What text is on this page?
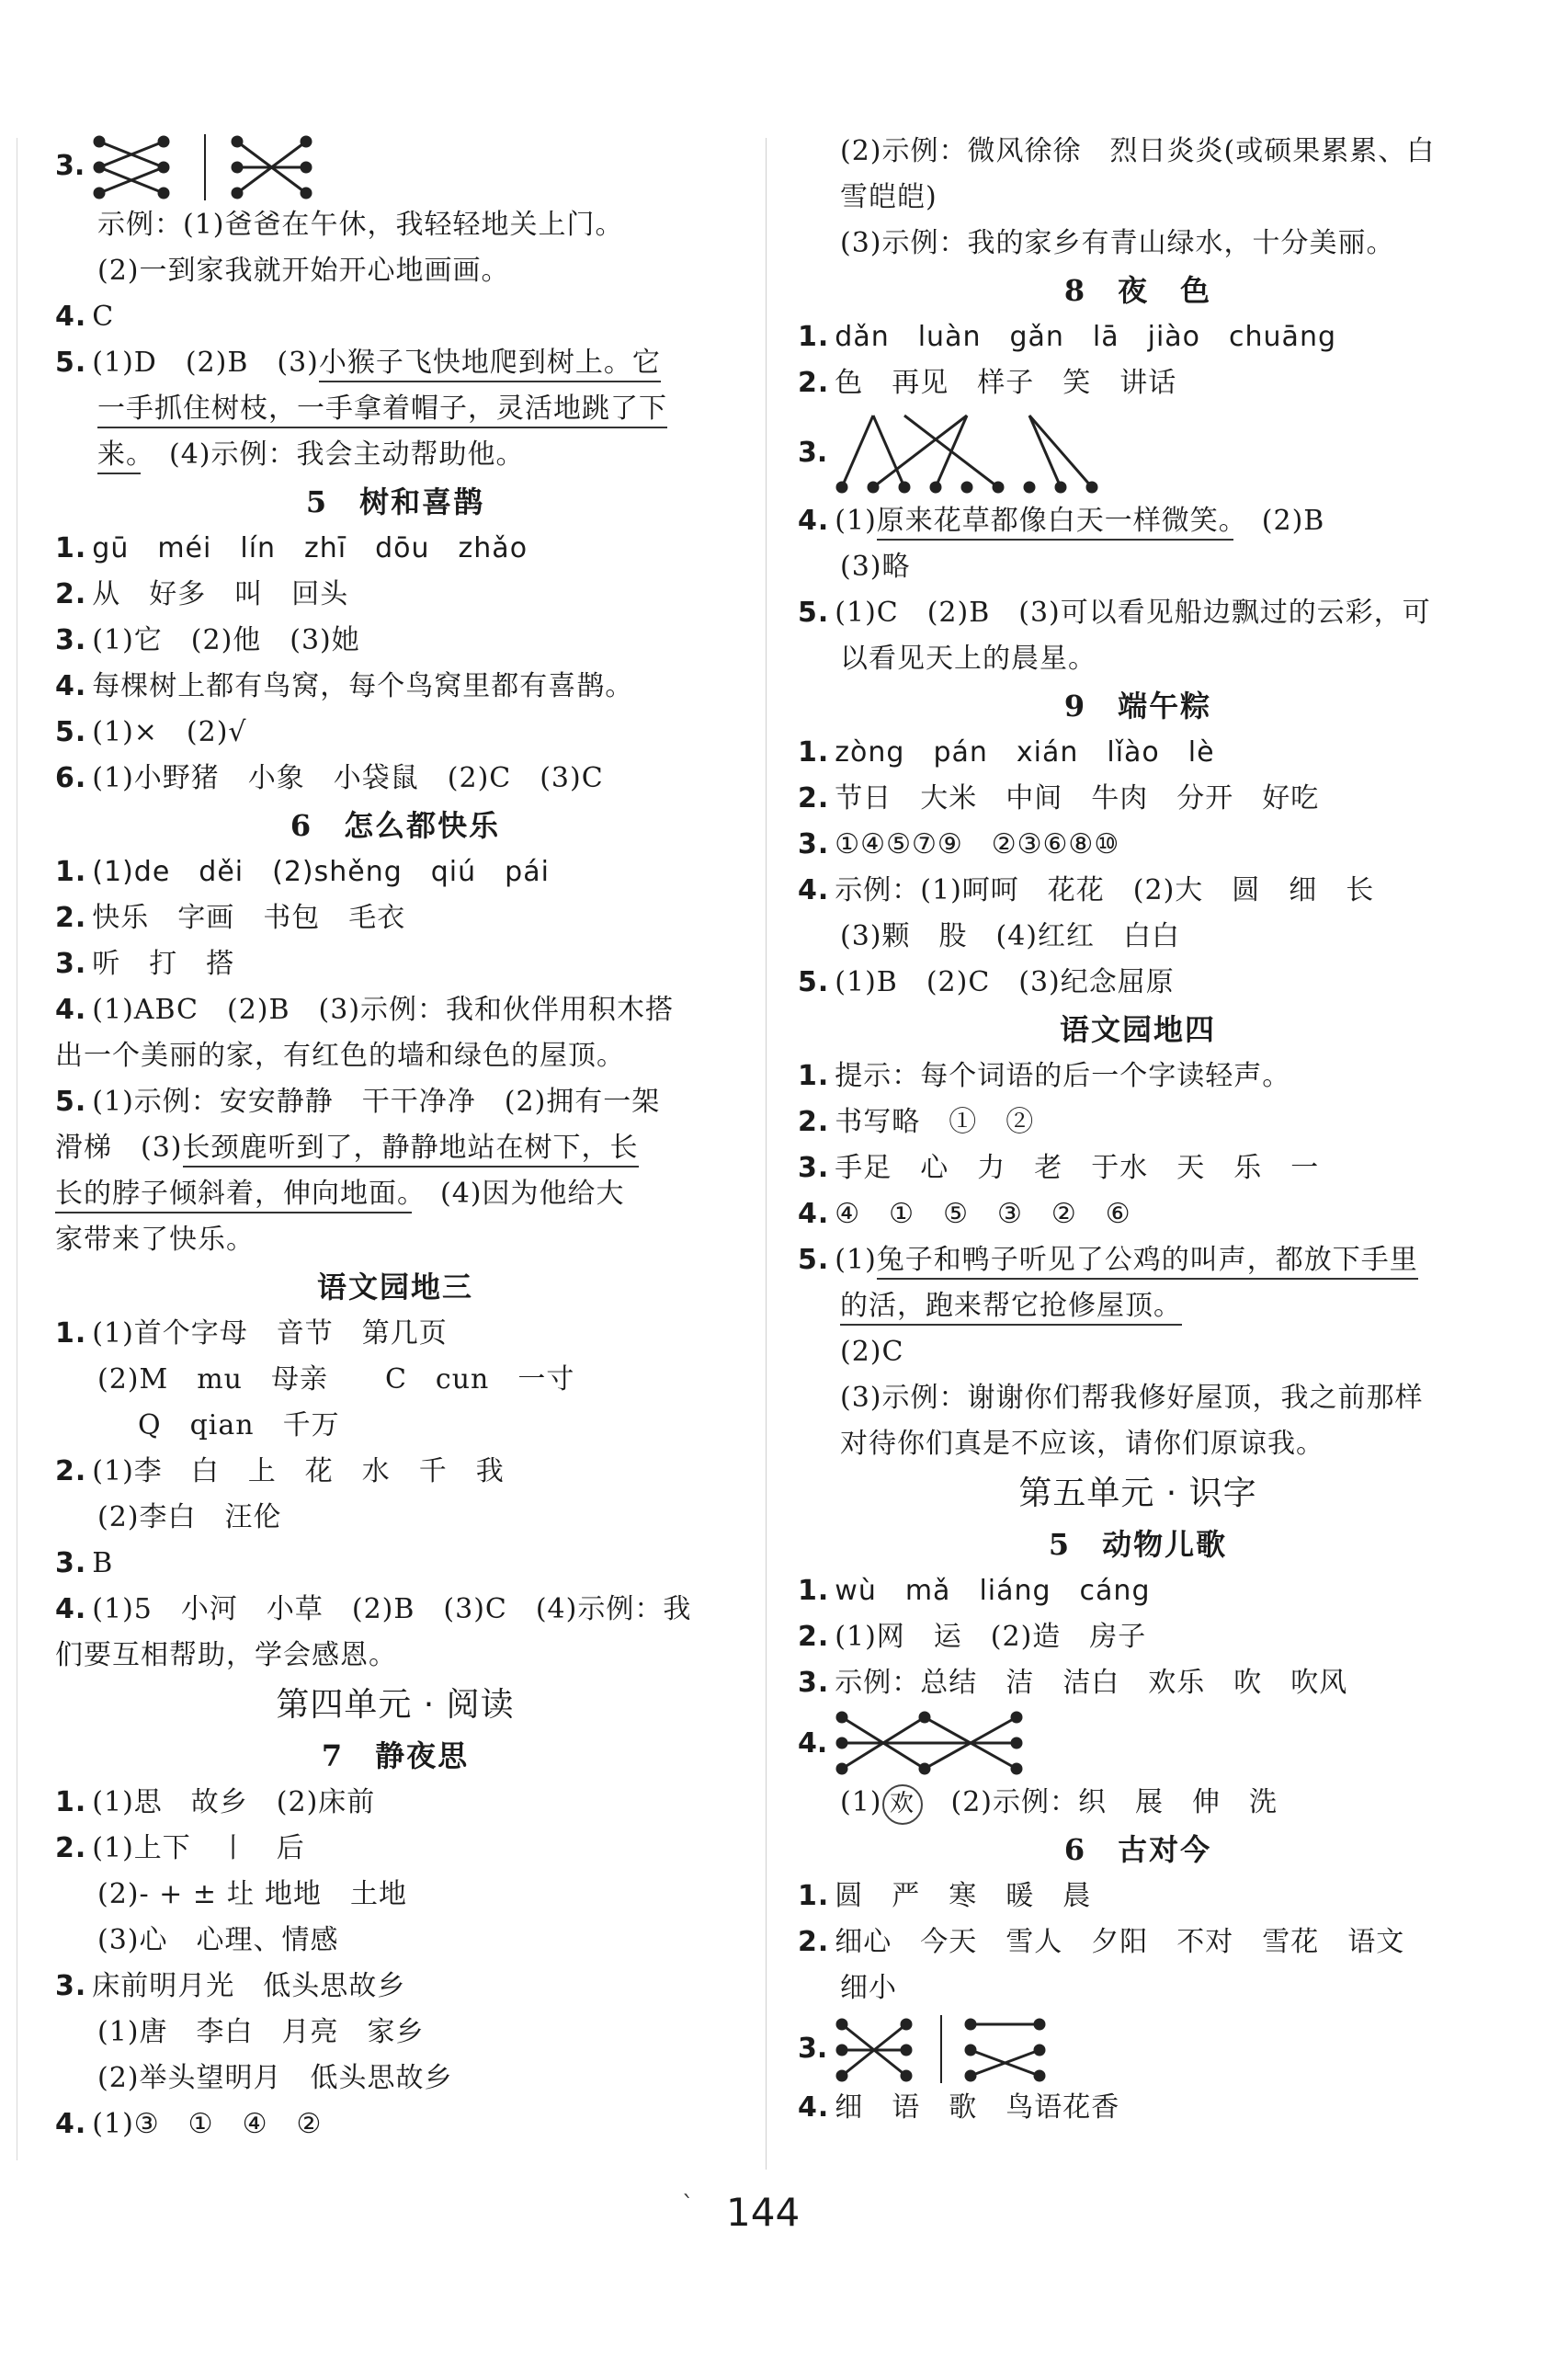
3.
示例：(1)爸爸在午休，我轻轻地关上门。
(2)一到家我就开始开心地画画。
4. C
5. (1)D　(2)B　(3)小猴子飞快地爬到树上。它
一手抓住树枝，一手拿着帽子，灵活地跳了下
来。　(4)示例：我会主动帮助他。
5　树和喜鹊
1. gū　méi　lín　zhī　dōu　zhǎo
2. 从　好多　叫　回头
3. (1)它　(2)他　(3)她
4. 每棵树上都有鸟窝，每个鸟窝里都有喜鹊。
5. (1)×　(2)√
6. (1)小野猪　小象　小袋鼠　(2)C　(3)C
6　怎么都快乐
1. (1)de　děi　(2)shěng　qiú　pái
2. 快乐　字画　书包　毛衣
3. 听　打　搭
4. (1)ABC　(2)B　(3)示例：我和伙伴用积木搭
出一个美丽的家，有红色的墙和绿色的屋顶。
5. (1)示例：安安静静　干干净净　(2)拥有一架
滑梯　(3)长颈鹿听到了，静静地站在树下，长
长的脖子倾斜着，伸向地面。　(4)因为他给大
家带来了快乐。
语文园地三
1. (1)首个字母　音节　第几页
(2)M　mu　母亲　　C　cun　一寸
Q　qian　千万
2. (1)李　白　上　花　水　千　我
(2)李白　汪伦
3. B
4. (1)5　小河　小草　(2)B　(3)C　(4)示例：我
们要互相帮助，学会感恩。
第四单元 · 阅读
7　静夜思
1. (1)思　故乡　(2)床前
2. (1)上下　丨　后
(2)- + ± 圵 地地　土地
(3)心　心理、情感
3. 床前明月光　低头思故乡
(1)唐　李白　月亮　家乡
(2)举头望明月　低头思故乡
4. (1)③　①　④　②
(2)示例：微风徐徐　烈日炎炎(或硕果累累、白
雪皑皑)
(3)示例：我的家乡有青山绿水，十分美丽。
8　夜　色
1. dǎn　luàn　gǎn　lā　jiào　chuāng
2. 色　再见　样子　笑　讲话
3.
4. (1)原来花草都像白天一样微笑。　(2)B
(3)略
5. (1)C　(2)B　(3)可以看见船边飘过的云彩，可
以看见天上的晨星。
9　端午粽
1. zòng　pán　xián　lǐào　lè
2. 节日　大米　中间　牛肉　分开　好吃
3. ①④⑤⑦⑨　②③⑥⑧⑩
4. 示例：(1)呵呵　花花　(2)大　圆　细　长
(3)颗　股　(4)红红　白白
5. (1)B　(2)C　(3)纪念屈原
语文园地四
1. 提示：每个词语的后一个字读轻声。
2. 书写略　①　②
3. 手足　心　力　老　于水　天　乐　一
4. ④　①　⑤　③　②　⑥
5. (1)兔子和鸭子听见了公鸡的叫声，都放下手里
的活，跑来帮它抢修屋顶。
(2)C
(3)示例：谢谢你们帮我修好屋顶，我之前那样
对待你们真是不应该，请你们原谅我。
第五单元 · 识字
5　动物儿歌
1. wù　mǎ　liáng　cáng
2. (1)网　运　(2)造　房子
3. 示例：总结　洁　洁白　欢乐　吹　吹风
4.
(1) 欢　(2)示例：织　展　伸　洗
6　古对今
1. 圆　严　寒　暖　晨
2. 细心　今天　雪人　夕阳　不对　雪花　语文
细小
3.
4. 细　语　歌　鸟语花香
` 144
